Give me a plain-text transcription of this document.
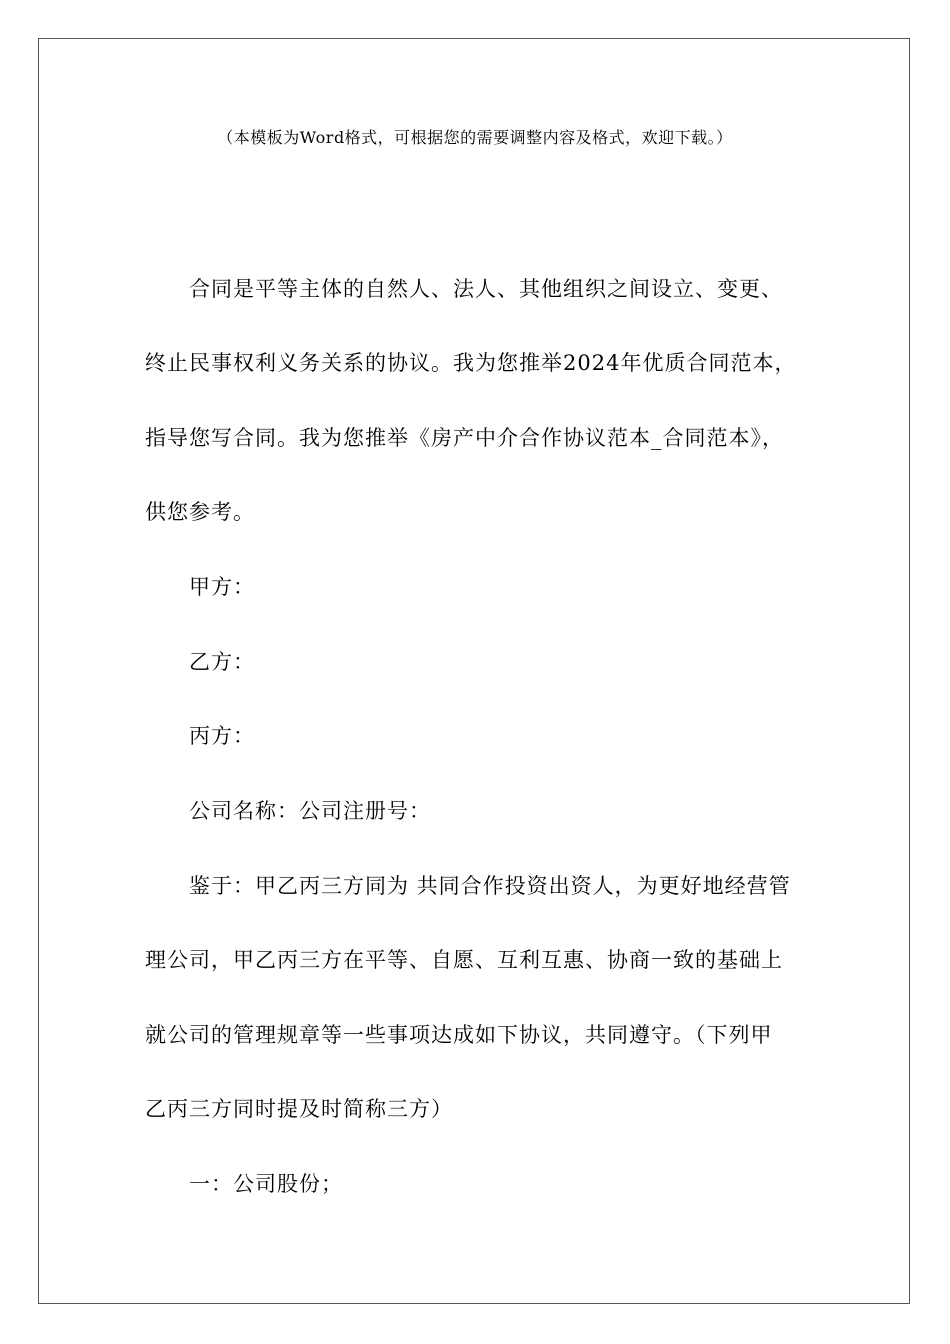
（本模板为Word格式，可根据您的需要调整内容及格式，欢迎下载。）
合同是平等主体的自然人、法人、其他组织之间设立、变更、
终止民事权利义务关系的协议。我为您推举2024年优质合同范本，
指导您写合同。我为您推举《房产中介合作协议范本_合同范本》，
供您参考。
甲方：
乙方：
丙方：
公司名称：公司注册号：
鉴于：甲乙丙三方同为 共同合作投资出资人，为更好地经营管
理公司，甲乙丙三方在平等、自愿、互利互惠、协商一致的基础上
就公司的管理规章等一些事项达成如下协议，共同遵守。（下列甲
乙丙三方同时提及时简称三方）
一：公司股份；
